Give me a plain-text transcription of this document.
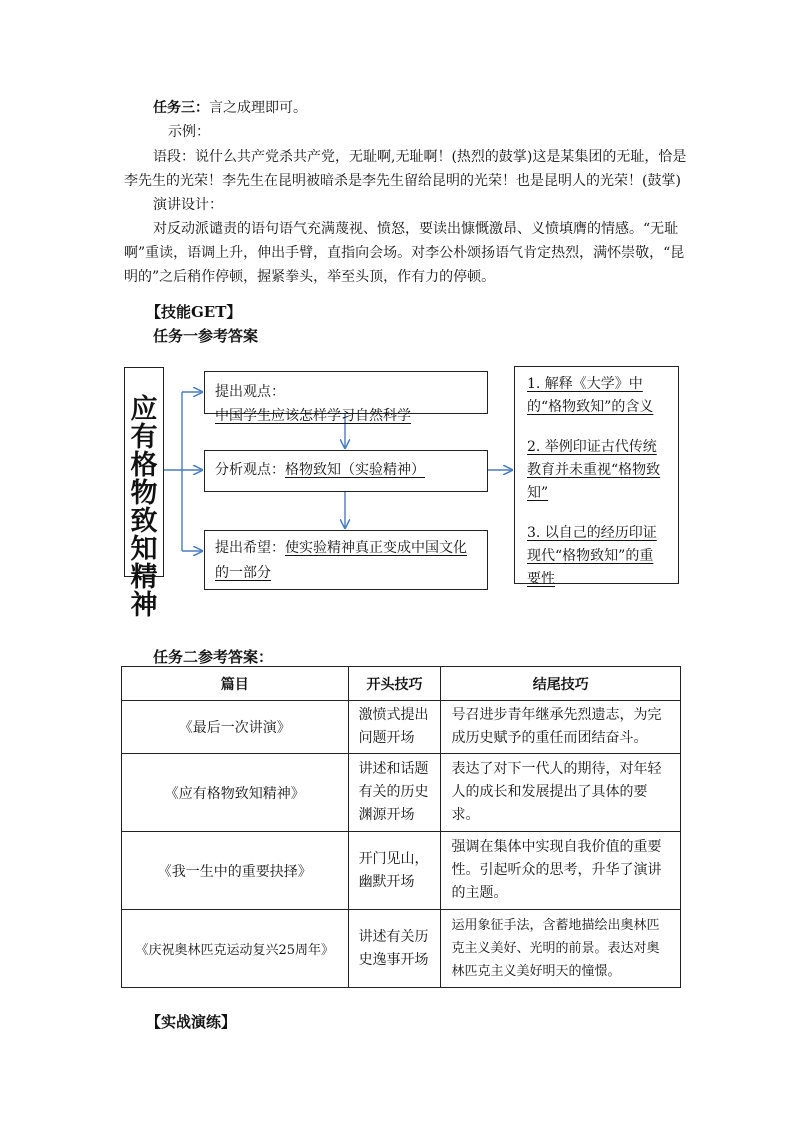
任务三：言之成理即可。
示例：
语段：说什么共产党杀共产党，无耻啊,无耻啊！(热烈的鼓掌)这是某集团的无耻，恰是
李先生的光荣！李先生在昆明被暗杀是李先生留给昆明的光荣！也是昆明人的光荣！(鼓掌)
演讲设计：
对反动派谴责的语句语气充满蔑视、愤怒，要读出慷慨激昂、义愤填膺的情感。“无耻
啊”重读，语调上升，伸出手臂，直指向会场。对李公朴颂扬语气肯定热烈，满怀崇敬，“昆
明的”之后稍作停顿，握紧拳头，举至头顶，作有力的停顿。
【技能GET】
任务一参考答案
应有格物致知精神
提出观点：中国学生应该怎样学习自然科学
分析观点：格物致知（实验精神）
提出希望：使实验精神真正变成中国文化的一部分
1. 解释《大学》中的“格物致知”的含义
2. 举例印证古代传统教育并未重视“格物致知”
3. 以自己的经历印证现代“格物致知”的重要性
任务二参考答案：
篇目	开头技巧	结尾技巧
《最后一次讲演》	激愤式提出问题开场	号召进步青年继承先烈遗志，为完成历史赋予的重任而团结奋斗。
《应有格物致知精神》	讲述和话题有关的历史渊源开场	表达了对下一代人的期待，对年轻人的成长和发展提出了具体的要求。
《我一生中的重要抉择》	开门见山，幽默开场	强调在集体中实现自我价值的重要性。引起听众的思考，升华了演讲的主题。
《庆祝奥林匹克运动复兴25周年》	讲述有关历史逸事开场	运用象征手法，含蓄地描绘出奥林匹克主义美好、光明的前景。表达对奥林匹克主义美好明天的憧憬。
【实战演练】
